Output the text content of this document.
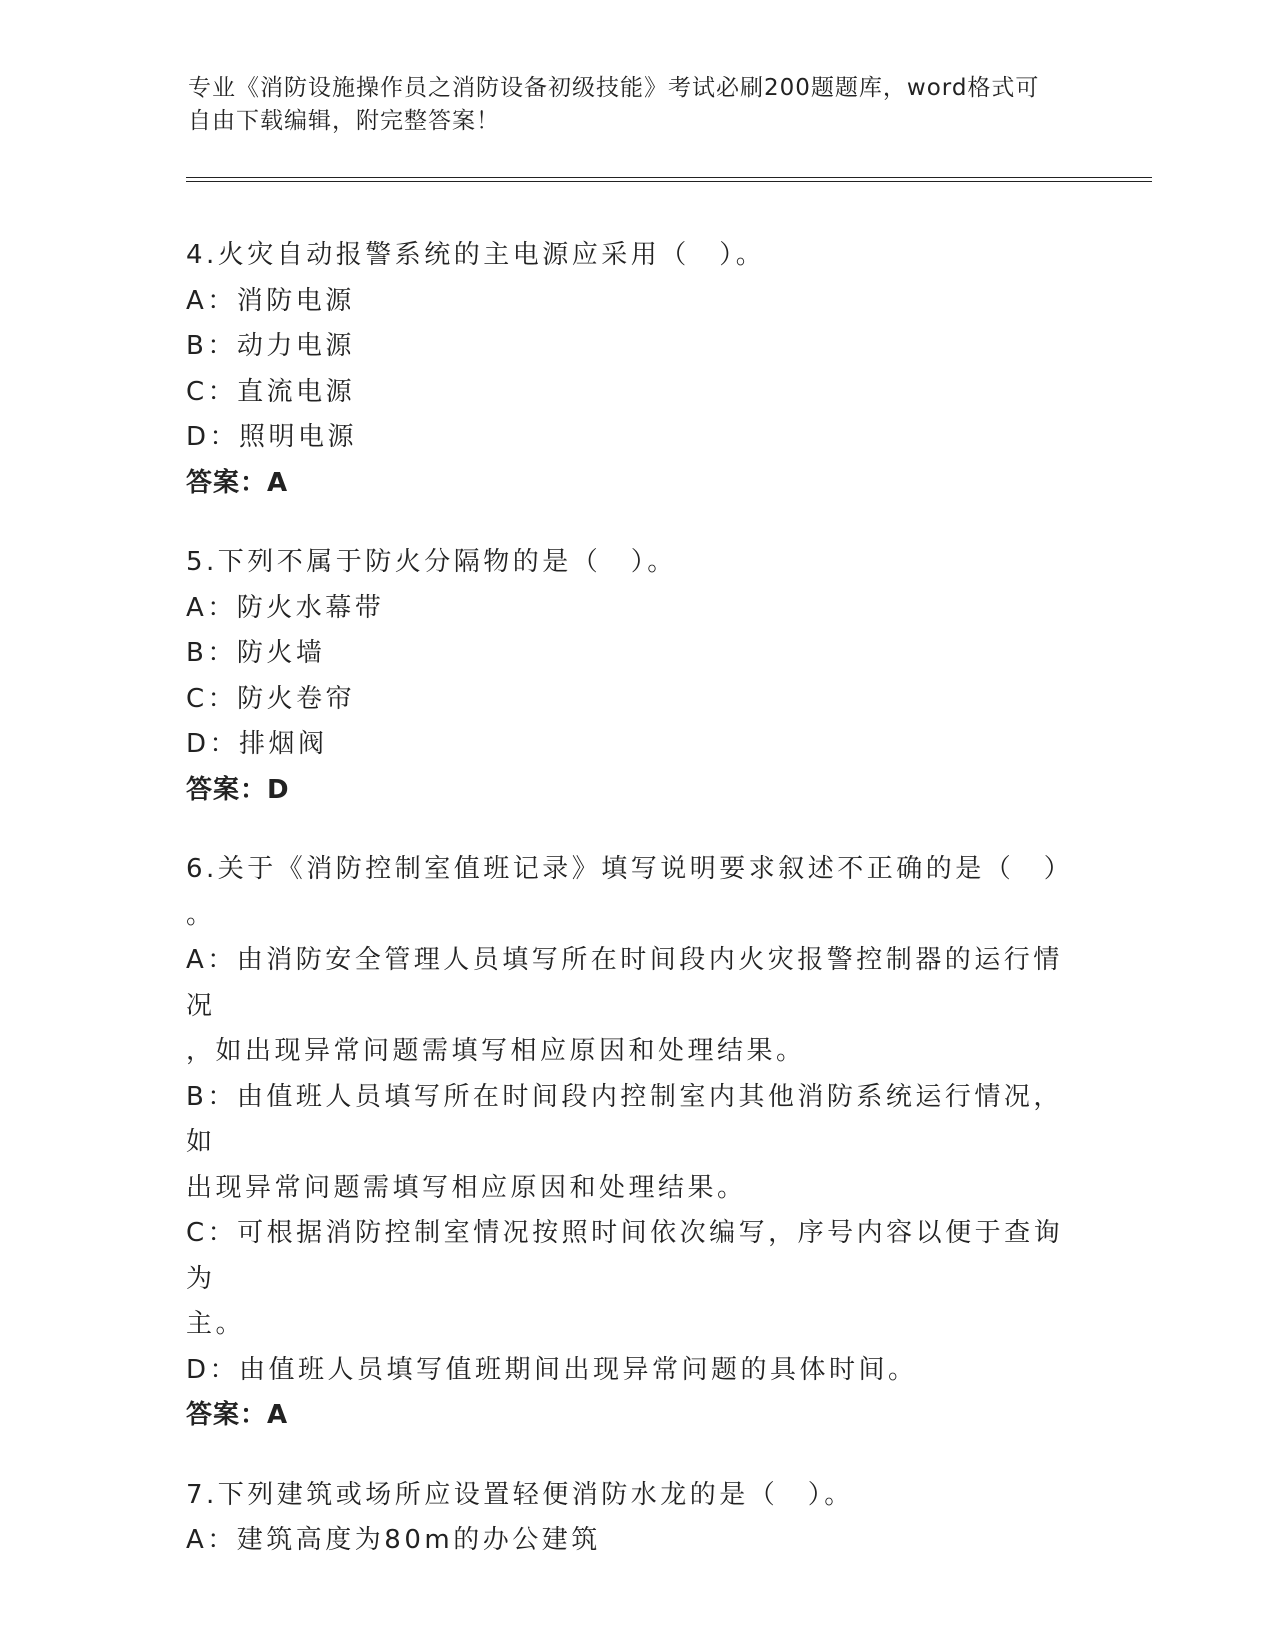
专业《消防设施操作员之消防设备初级技能》考试必刷200题题库，word格式可
自由下载编辑，附完整答案！
4.火灾自动报警系统的主电源应采用（　）。
A：消防电源
B：动力电源
C：直流电源
D：照明电源
答案：A
5.下列不属于防火分隔物的是（　）。
A：防火水幕带
B：防火墙
C：防火卷帘
D：排烟阀
答案：D
6.关于《消防控制室值班记录》填写说明要求叙述不正确的是（　）
。
A：由消防安全管理人员填写所在时间段内火灾报警控制器的运行情况
，如出现异常问题需填写相应原因和处理结果。
B：由值班人员填写所在时间段内控制室内其他消防系统运行情况，如
出现异常问题需填写相应原因和处理结果。
C：可根据消防控制室情况按照时间依次编写，序号内容以便于查询为
主。
D：由值班人员填写值班期间出现异常问题的具体时间。
答案：A
7.下列建筑或场所应设置轻便消防水龙的是（　）。
A：建筑高度为80m的办公建筑
